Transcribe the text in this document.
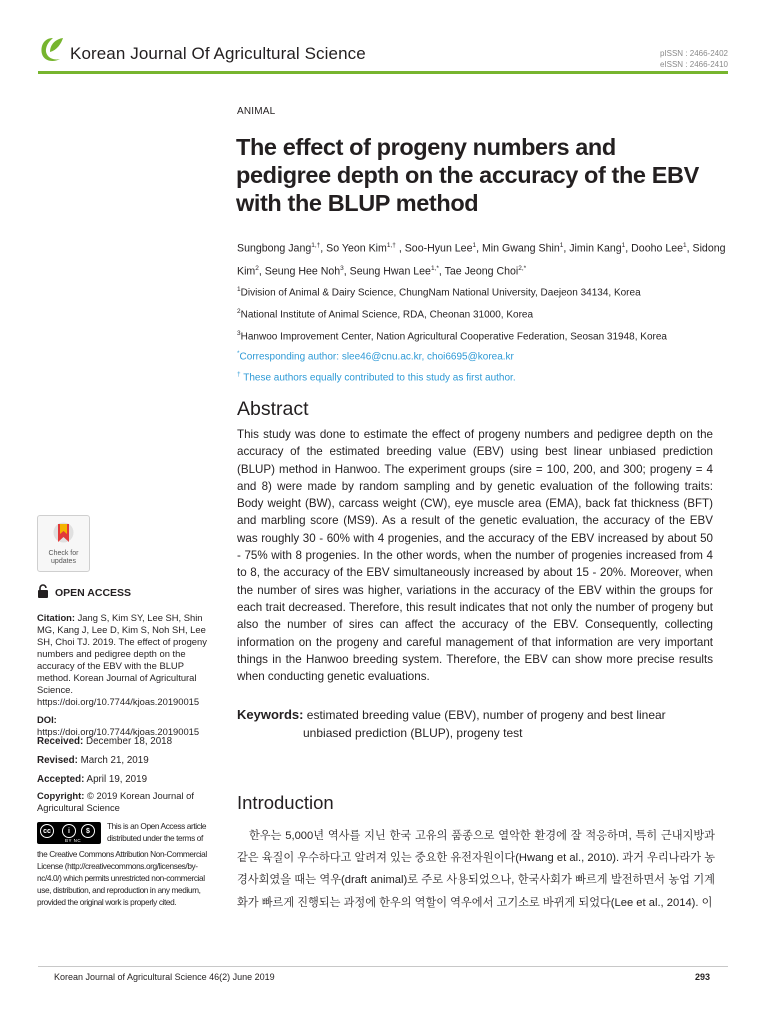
Korean Journal Of Agricultural Science	pISSN : 2466-2402
eISSN : 2466-2410
ANIMAL
The effect of progeny numbers and pedigree depth on the accuracy of the EBV with the BLUP method
Sungbong Jang$^{1,\dagger}$, So Yeon Kim$^{1,\dagger}$ , Soo-Hyun Lee$^1$, Min Gwang Shin$^1$, Jimin Kang$^1$, Dooho Lee$^1$, Sidong Kim$^2$, Seung Hee Noh$^3$, Seung Hwan Lee$^{1,*}$, Tae Jeong Choi$^{2,*}$
$^1$Division of Animal & Dairy Science, ChungNam National University, Daejeon 34134, Korea
$^2$National Institute of Animal Science, RDA, Cheonan 31000, Korea
$^3$Hanwoo Improvement Center, Nation Agricultural Cooperative Federation, Seosan 31948, Korea
*Corresponding author: slee46@cnu.ac.kr, choi6695@korea.kr
† These authors equally contributed to this study as first author.
Abstract
This study was done to estimate the effect of progeny numbers and pedigree depth on the accuracy of the estimated breeding value (EBV) using best linear unbiased prediction (BLUP) method in Hanwoo. The experiment groups (sire = 100, 200, and 300; progeny = 4 and 8) were made by random sampling and by genetic evaluation of the following traits: Body weight (BW), carcass weight (CW), eye muscle area (EMA), back fat thickness (BFT) and marbling score (MS9). As a result of the genetic evaluation, the accuracy of the EBV was roughly 30 - 60% with 4 progenies, and the accuracy of the EBV increased by about 50 - 75% with 8 progenies. In the other words, when the number of progenies increased from 4 to 8, the accuracy of the EBV simultaneously increased by about 15 - 20%. Moreover, when the number of sires was higher, variations in the accuracy of the EBV within the groups for each trait decreased. Therefore, this result indicates that not only the number of progeny but also the number of sires can affect the accuracy of the EBV. Consequently, collecting information on the progeny and careful management of that information are very important things in the Hanwoo breeding system. Therefore, the EBV can show more precise results when conducting genetic evaluations.
Keywords: estimated breeding value (EBV), number of progeny and best linear
unbiased prediction (BLUP), progeny test
Introduction
한우는 5,000년 역사를 지닌 한국 고유의 품종으로 열악한 환경에 잘 적응하며, 특히 근내지방과 같은 육질이 우수하다고 알려져 있는 중요한 유전자원이다(Hwang et al., 2010). 과거 우리나라가 농경사회였을 때는 역우(draft animal)로 주로 사용되었으나, 한국사회가 빠르게 발전하면서 농업 기계화가 빠르게 진행되는 과정에 한우의 역할이 역우에서 고기소로 바뀌게 되었다(Lee et al., 2014). 이
Check for updates
OPEN ACCESS
Citation: Jang S, Kim SY, Lee SH, Shin MG, Kang J, Lee D, Kim S, Noh SH, Lee SH, Choi TJ. 2019. The effect of progeny numbers and pedigree depth on the accuracy of the EBV with the BLUP method. Korean Journal of Agricultural Science. https://doi.org/10.7744/kjoas.20190015
DOI: https://doi.org/10.7744/kjoas.20190015
Received: December 18, 2018
Revised: March 21, 2019
Accepted: April 19, 2019
Copyright: © 2019 Korean Journal of Agricultural Science
cc	i	$
BY NC
This is an Open Access article distributed under the terms of
the Creative Commons Attribution Non-Commercial License (http://creativecommons.org/licenses/by-nc/4.0/) which permits unrestricted non-commercial use, distribution, and reproduction in any medium, provided the original work is properly cited.
Korean Journal of Agricultural Science 46(2) June 2019	293
